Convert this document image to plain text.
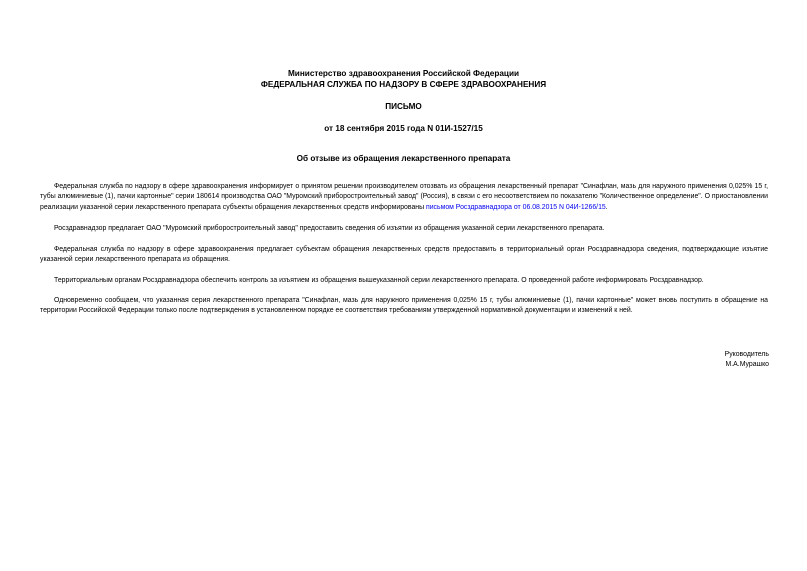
Министерство здравоохранения Российской Федерации
ФЕДЕРАЛЬНАЯ СЛУЖБА ПО НАДЗОРУ В СФЕРЕ ЗДРАВООХРАНЕНИЯ
ПИСЬМО
от 18 сентября 2015 года N 01И-1527/15
Об отзыве из обращения лекарственного препарата

Федеральная служба по надзору в сфере здравоохранения информирует о принятом решении производителем отозвать из обращения лекарственный препарат "Синафлан, мазь для наружного применения 0,025% 15 г, тубы алюминиевые (1), пачки картонные" серии 180614 производства ОАО "Муромский приборостроительный завод" (Россия), в связи с его несоответствием по показателю "Количественное определение". О приостановлении реализации указанной серии лекарственного препарата субъекты обращения лекарственных средств информированы письмом Росздравнадзора от 06.08.2015 N 04И-1266/15.

Росздравнадзор предлагает ОАО "Муромский приборостроительный завод" предоставить сведения об изъятии из обращения указанной серии лекарственного препарата.

Федеральная служба по надзору в сфере здравоохранения предлагает субъектам обращения лекарственных средств предоставить в территориальный орган Росздравнадзора сведения, подтверждающие изъятие указанной серии лекарственного препарата из обращения.

Территориальным органам Росздравнадзора обеспечить контроль за изъятием из обращения вышеуказанной серии лекарственного препарата. О проведенной работе информировать Росздравнадзор.

Одновременно сообщаем, что указанная серия лекарственного препарата "Синафлан, мазь для наружного применения 0,025% 15 г, тубы алюминиевые (1), пачки картонные" может вновь поступить в обращение на территории Российской Федерации только после подтверждения в установленном порядке ее соответствия требованиям утвержденной нормативной документации и изменений к ней.

Руководитель
М.А.Мурашко
